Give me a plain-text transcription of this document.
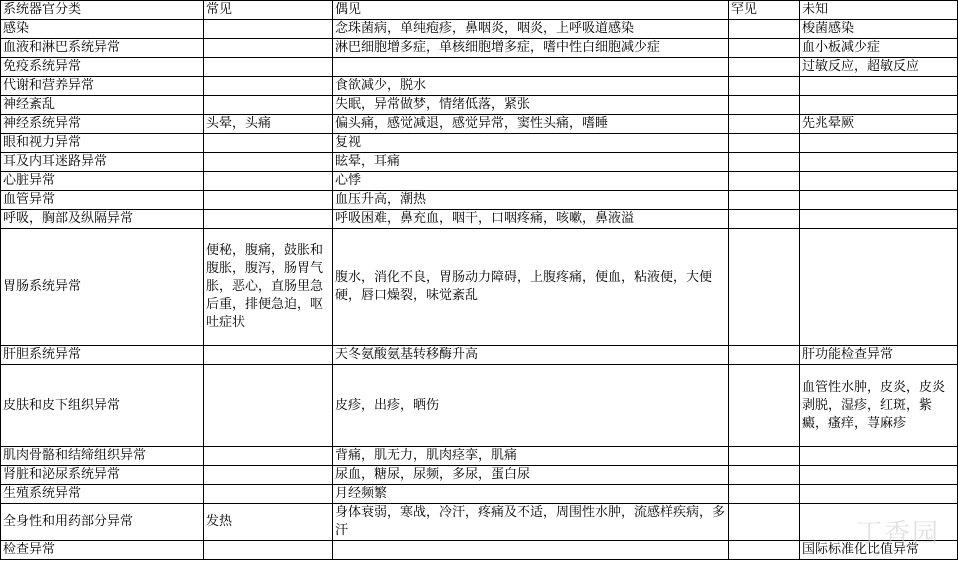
系统器官分类	常见	偶见	罕见	未知
感染		念珠菌病，单纯疱疹，鼻咽炎，咽炎，上呼吸道感染		梭菌感染
血液和淋巴系统异常		淋巴细胞增多症，单核细胞增多症，嗜中性白细胞减少症		血小板减少症
免疫系统异常				过敏反应，超敏反应
代谢和营养异常		食欲减少，脱水		
神经紊乱		失眠，异常做梦，情绪低落，紧张		
神经系统异常	头晕，头痛	偏头痛，感觉减退，感觉异常，窦性头痛，嗜睡		先兆晕厥
眼和视力异常		复视		
耳及内耳迷路异常		眩晕，耳痛		
心脏异常		心悸		
血管异常		血压升高，潮热		
呼吸，胸部及纵隔异常		呼吸困难，鼻充血，咽干，口咽疼痛，咳嗽，鼻液溢		
胃肠系统异常	便秘，腹痛，鼓胀和腹胀，腹泻，肠胃气胀，恶心，直肠里急后重，排便急迫，呕吐症状	腹水，消化不良，胃肠动力障碍，上腹疼痛，便血，粘液便，大便硬，唇口燥裂，味觉紊乱		
肝胆系统异常		天冬氨酸氨基转移酶升高		肝功能检查异常
皮肤和皮下组织异常		皮疹，出疹，晒伤		血管性水肿，皮炎，皮炎剥脱，湿疹，红斑，紫癜，瘙痒，荨麻疹
肌肉骨骼和结缔组织异常		背痛，肌无力，肌肉痉挛，肌痛		
肾脏和泌尿系统异常		尿血，糖尿，尿频，多尿，蛋白尿		
生殖系统异常		月经频繁		
全身性和用药部分异常	发热	身体衰弱，寒战，冷汗，疼痛及不适，周围性水肿，流感样疾病，多汗		
检查异常				国际标准化比值异常
丁香园
